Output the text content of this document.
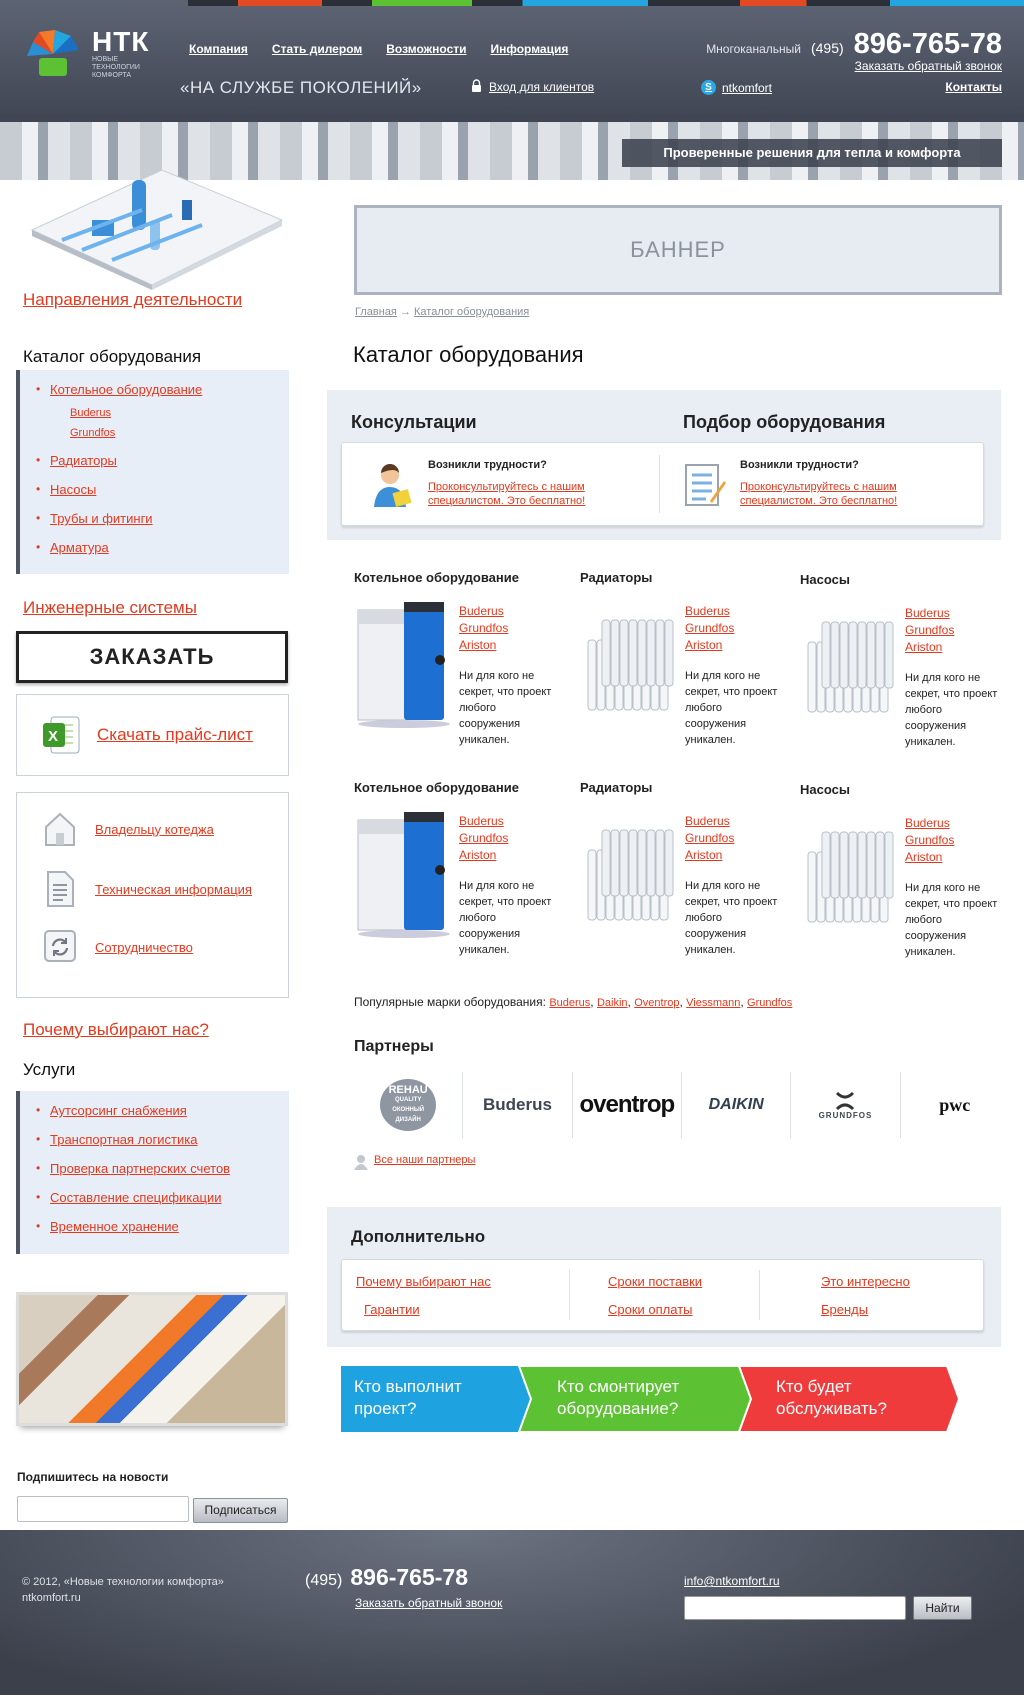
НТК
НОВЫЕ ТЕХНОЛОГИИ КОМФОРТА
Компания Стать дилером Возможности Информация
«НА СЛУЖБЕ ПОКОЛЕНИЙ»	Вход для клиентов
Многоканальный (495) 896-765-78
Заказать обратный звонок
S ntkomfort	Контакты
Проверенные решения для тепла и комфорта
Направления деятельности
Каталог оборудования
• Котельное оборудование
Buderus
Grundfos
• Радиаторы
• Насосы
• Трубы и фитинги
• Арматура
Инженерные системы
ЗАКАЗАТЬ
X Скачать прайс-лист
Владельцу котеджа
Техническая информация
Сотрудничество
Почему выбирают нас?
Услуги
• Аутсорсинг снабжения
• Транспортная логистика
• Проверка партнерских счетов
• Составление спецификации
• Временное хранение
Подпишитесь на новости
Подписаться
БАННЕР
Главная → Каталог оборудования
Каталог оборудования
Консультации	Подбор оборудования
Возникли трудности?
Проконсультируйтесь с нашим специалистом. Это бесплатно!
Возникли трудности?
Проконсультируйтесь с нашим специалистом. Это бесплатно!
Котельное оборудование
Buderus
Grundfos
Ariston
Ни для кого не секрет, что проект любого сооружения уникален.
Радиаторы
Buderus
Grundfos
Ariston
Ни для кого не секрет, что проект любого сооружения уникален.
Насосы
Buderus
Grundfos
Ariston
Ни для кого не секрет, что проект любого сооружения уникален.
Котельное оборудование
Buderus
Grundfos
Ariston
Ни для кого не секрет, что проект любого сооружения уникален.
Радиаторы
Buderus
Grundfos
Ariston
Ни для кого не секрет, что проект любого сооружения уникален.
Насосы
Buderus
Grundfos
Ariston
Ни для кого не секрет, что проект любого сооружения уникален.
Популярные марки оборудования: Buderus, Daikin, Oventrop, Viessmann, Grundfos
Партнеры
REHAU
QUALITY
ОКОННЫЙ ДИЗАЙН
Buderus	oventrop	DAIKIN
GRUNDFOS
pwc
Все наши партнеры
Дополнительно
Почему выбирают нас
Гарантии
Сроки поставки
Сроки оплаты
Это интересно
Бренды
Кто выполнит проект?
Кто смонтирует оборудование?
Кто будет обслуживать?
© 2012, «Новые технологии комфорта»
ntkomfort.ru
(495) 896-765-78
Заказать обратный звонок
info@ntkomfort.ru
Найти
